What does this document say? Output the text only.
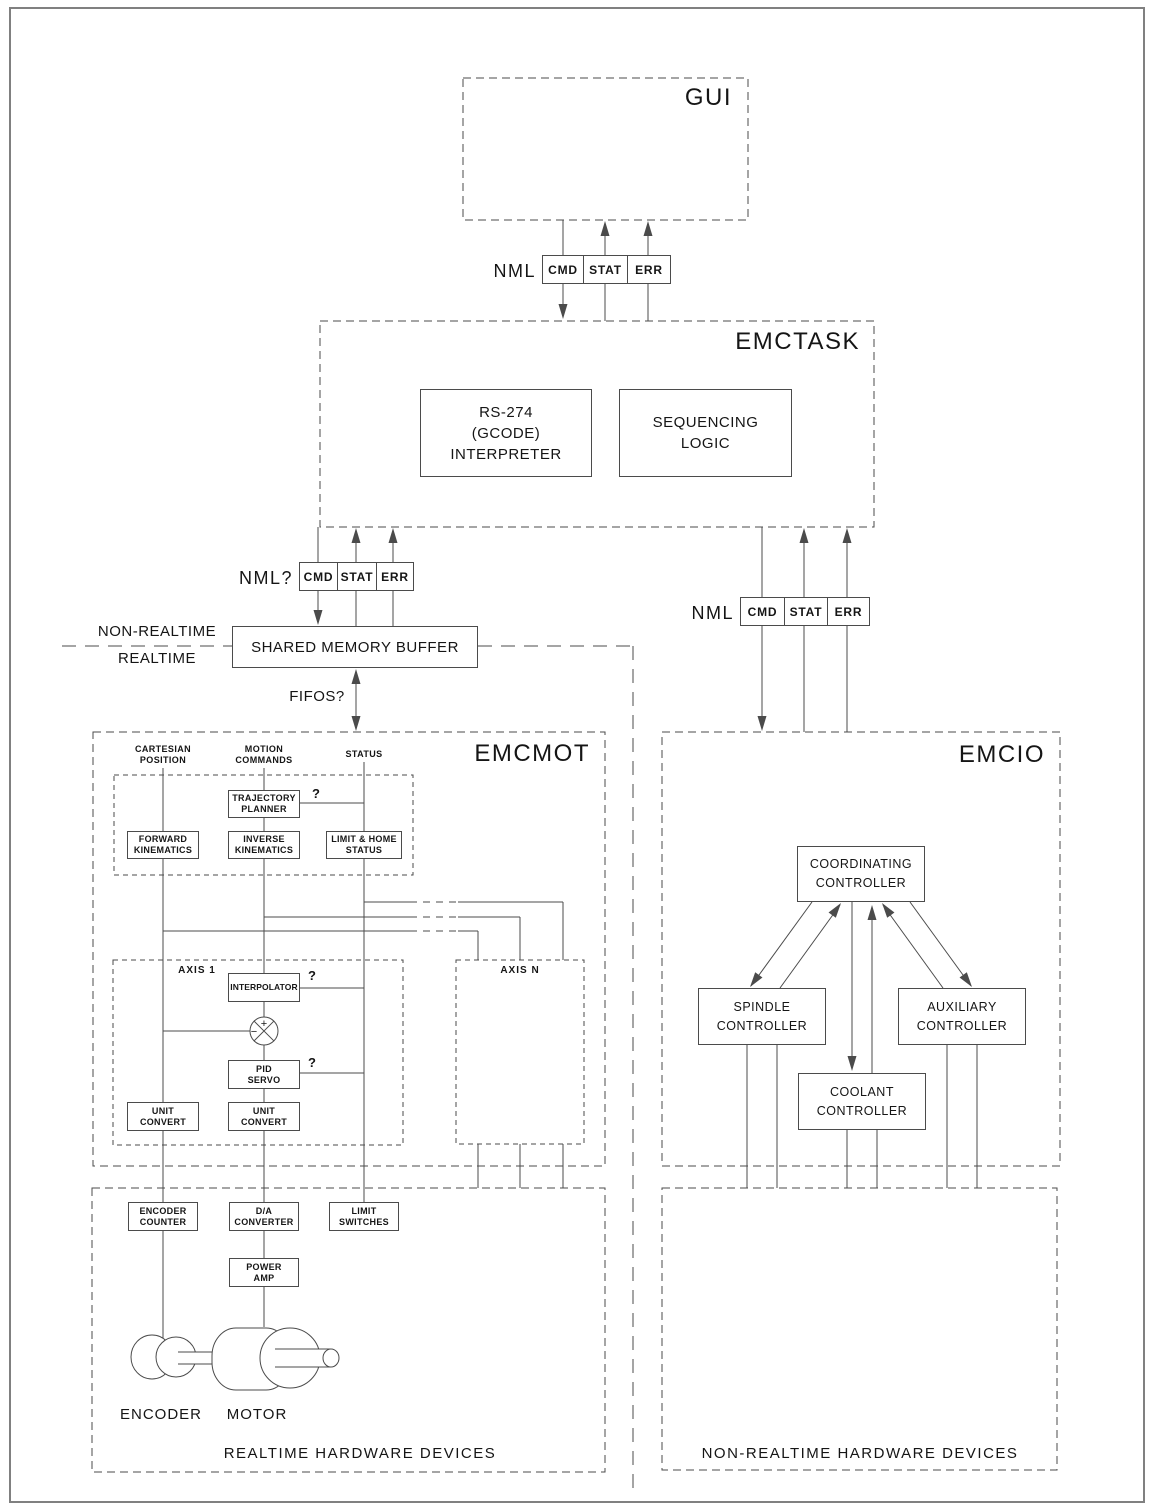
+
−
GUI
EMCTASK
EMCMOT	EMCIO
NML	CMD STAT	ERR
NML? CMD STAT ERR
NML	CMD	STAT	ERR
RS-274
(GCODE)
INTERPRETER
SEQUENCING
LOGIC
SHARED MEMORY BUFFER
NON-REALTIME
REALTIME
FIFOS?
CARTESIAN
POSITION
MOTION
COMMANDS
STATUS
TRAJECTORY
PLANNER
FORWARD
KINEMATICS
INVERSE
KINEMATICS
LIMIT & HOME
STATUS
?
?
?
AXIS 1	AXIS N
INTERPOLATOR
PID
SERVO
UNIT
CONVERT
UNIT
CONVERT
COORDINATING
CONTROLLER
SPINDLE
CONTROLLER
AUXILIARY
CONTROLLER
COOLANT
CONTROLLER
ENCODER
COUNTER
D/A
CONVERTER
LIMIT
SWITCHES
POWER
AMP
ENCODER	MOTOR
REALTIME HARDWARE DEVICES	NON-REALTIME HARDWARE DEVICES
